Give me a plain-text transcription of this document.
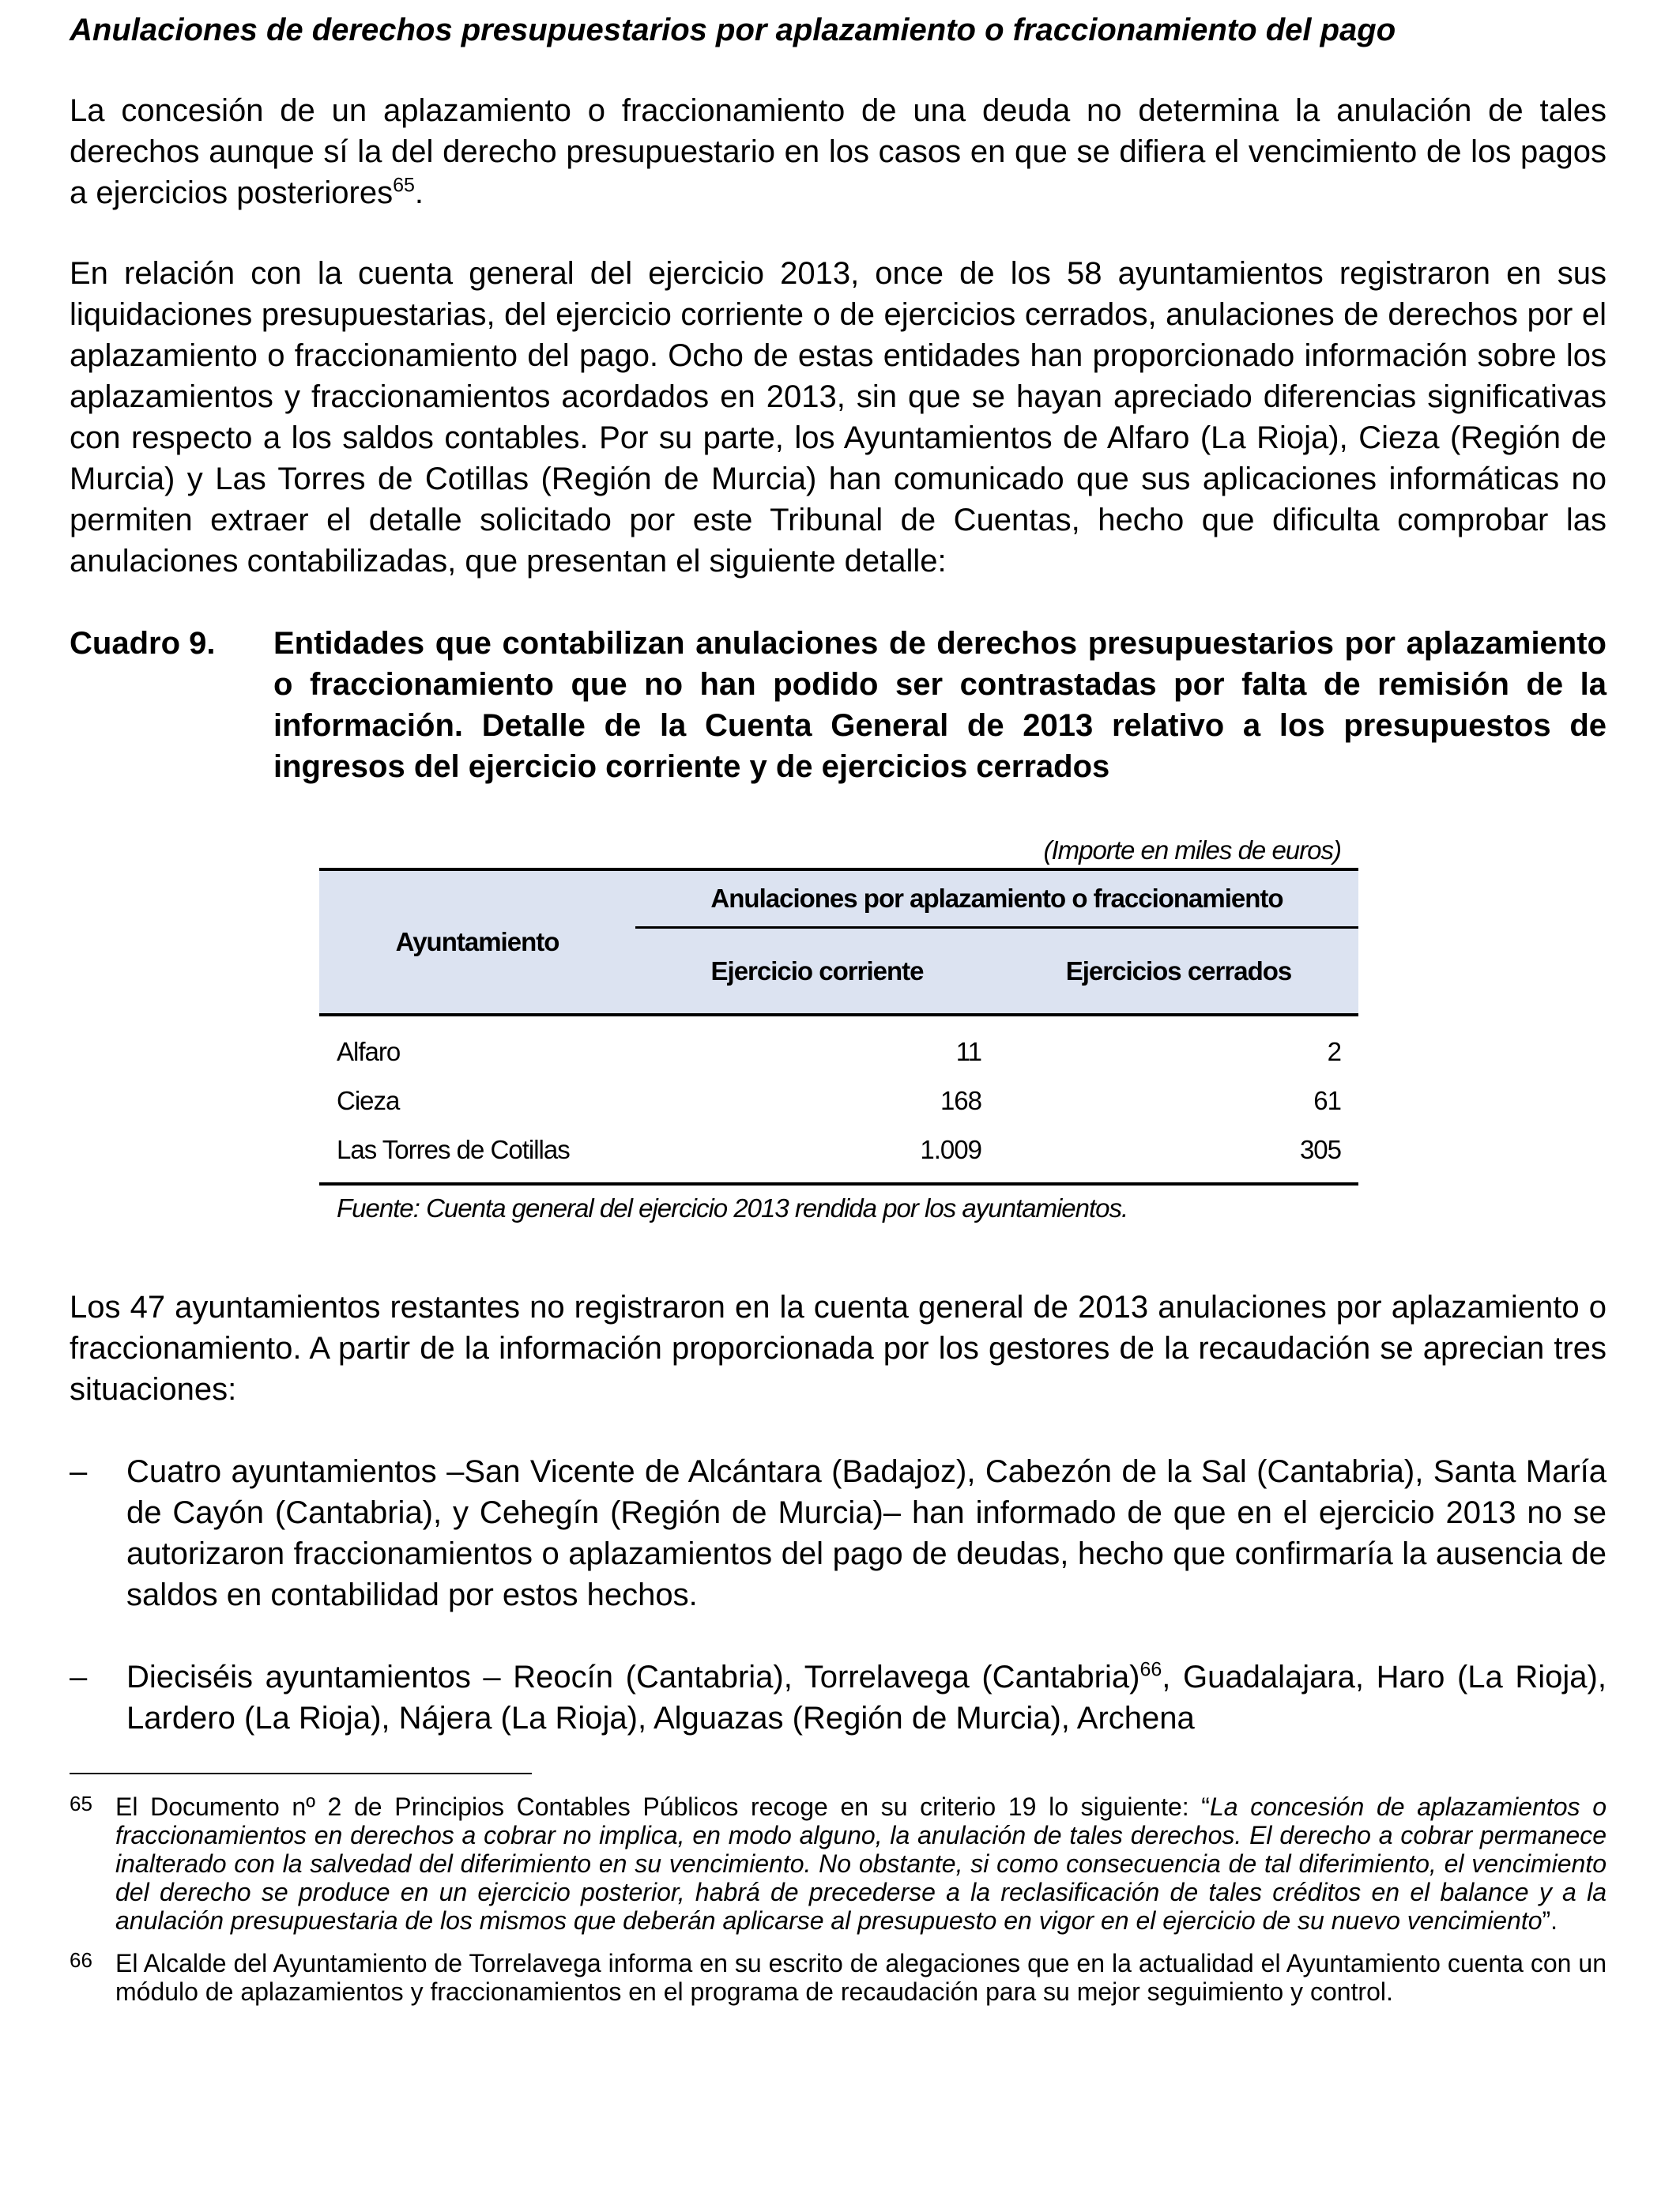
Anulaciones de derechos presupuestarios por aplazamiento o fraccionamiento del pago

La concesión de un aplazamiento o fraccionamiento de una deuda no determina la anulación de tales derechos aunque sí la del derecho presupuestario en los casos en que se difiera el vencimiento de los pagos a ejercicios posteriores$^{65}$.

En relación con la cuenta general del ejercicio 2013, once de los 58 ayuntamientos registraron en sus liquidaciones presupuestarias, del ejercicio corriente o de ejercicios cerrados, anulaciones de derechos por el aplazamiento o fraccionamiento del pago. Ocho de estas entidades han proporcionado información sobre los aplazamientos y fraccionamientos acordados en 2013, sin que se hayan apreciado diferencias significativas con respecto a los saldos contables. Por su parte, los Ayuntamientos de Alfaro (La Rioja), Cieza (Región de Murcia) y Las Torres de Cotillas (Región de Murcia) han comunicado que sus aplicaciones informáticas no permiten extraer el detalle solicitado por este Tribunal de Cuentas, hecho que dificulta comprobar las anulaciones contabilizadas, que presentan el siguiente detalle:

Cuadro 9.	Entidades que contabilizan anulaciones de derechos presupuestarios por aplazamiento o fraccionamiento que no han podido ser contrastadas por falta de remisión de la información. Detalle de la Cuenta General de 2013 relativo a los presupuestos de ingresos del ejercicio corriente y de ejercicios cerrados
(Importe en miles de euros)
Ayuntamiento
Anulaciones por aplazamiento o fraccionamiento
Ejercicio corriente	Ejercicios cerrados
Alfaro	11	2
Cieza	168	61
Las Torres de Cotillas	1.009	305
Fuente: Cuenta general del ejercicio 2013 rendida por los ayuntamientos.

Los 47 ayuntamientos restantes no registraron en la cuenta general de 2013 anulaciones por aplazamiento o fraccionamiento. A partir de la información proporcionada por los gestores de la recaudación se aprecian tres situaciones:

–	Cuatro ayuntamientos –San Vicente de Alcántara (Badajoz), Cabezón de la Sal (Cantabria), Santa María de Cayón (Cantabria), y Cehegín (Región de Murcia)– han informado de que en el ejercicio 2013 no se autorizaron fraccionamientos o aplazamientos del pago de deudas, hecho que confirmaría la ausencia de saldos en contabilidad por estos hechos.
–	Dieciséis ayuntamientos – Reocín (Cantabria), Torrelavega (Cantabria)$^{66}$, Guadalajara, Haro (La Rioja), Lardero (La Rioja), Nájera (La Rioja), Alguazas (Región de Murcia), Archena
65 El Documento nº 2 de Principios Contables Públicos recoge en su criterio 19 lo siguiente: “La concesión de aplazamientos o fraccionamientos en derechos a cobrar no implica, en modo alguno, la anulación de tales derechos. El derecho a cobrar permanece inalterado con la salvedad del diferimiento en su vencimiento. No obstante, si como consecuencia de tal diferimiento, el vencimiento del derecho se produce en un ejercicio posterior, habrá de precederse a la reclasificación de tales créditos en el balance y a la anulación presupuestaria de los mismos que deberán aplicarse al presupuesto en vigor en el ejercicio de su nuevo vencimiento”.
66 El Alcalde del Ayuntamiento de Torrelavega informa en su escrito de alegaciones que en la actualidad el Ayuntamiento cuenta con un módulo de aplazamientos y fraccionamientos en el programa de recaudación para su mejor seguimiento y control.
